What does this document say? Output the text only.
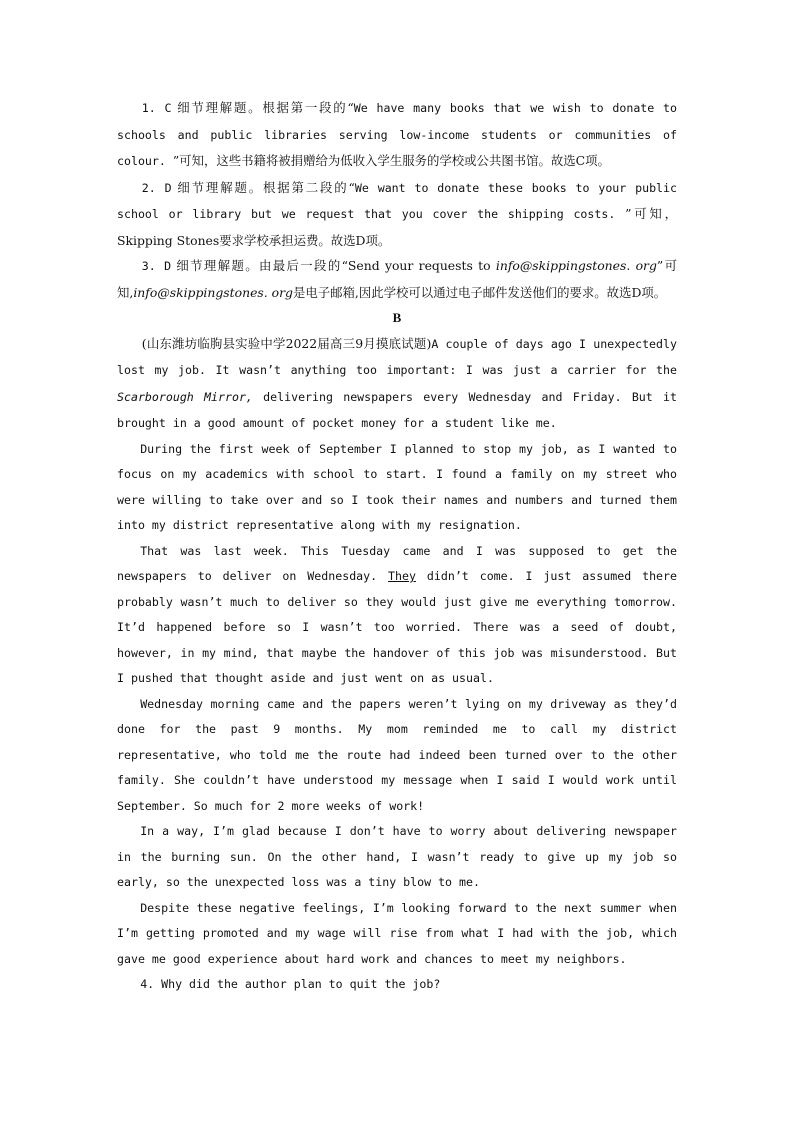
1. C 细节理解题。根据第一段的“We have many books that we wish to donate to schools and public libraries serving low-income students or communities of colour. ”可知，这些书籍将被捐赠给为低收入学生服务的学校或公共图书馆。故选C项。

2. D 细节理解题。根据第二段的“We want to donate these books to your public school or library but we request that you cover the shipping costs. ”可知，Skipping Stones要求学校承担运费。故选D项。

3. D 细节理解题。由最后一段的“Send your requests to info@skippingstones. org”可知,info@skippingstones. org是电子邮箱,因此学校可以通过电子邮件发送他们的要求。故选D项。

B

(山东潍坊临朐县实验中学2022届高三9月摸底试题)A couple of days ago I unexpectedly lost my job. It wasn’t anything too important: I was just a carrier for the Scarborough Mirror, delivering newspapers every Wednesday and Friday. But it brought in a good amount of pocket money for a student like me.

During the first week of September I planned to stop my job, as I wanted to focus on my academics with school to start. I found a family on my street who were willing to take over and so I took their names and numbers and turned them into my district representative along with my resignation.

That was last week. This Tuesday came and I was supposed to get the newspapers to deliver on Wednesday. They didn’t come. I just assumed there probably wasn’t much to deliver so they would just give me everything tomorrow. It’d happened before so I wasn’t too worried. There was a seed of doubt, however, in my mind, that maybe the handover of this job was misunderstood. But I pushed that thought aside and just went on as usual.

Wednesday morning came and the papers weren’t lying on my driveway as they’d done for the past 9 months. My mom reminded me to call my district representative, who told me the route had indeed been turned over to the other family. She couldn’t have understood my message when I said I would work until September. So much for 2 more weeks of work!

In a way, I’m glad because I don’t have to worry about delivering newspaper in the burning sun. On the other hand, I wasn’t ready to give up my job so early, so the unexpected loss was a tiny blow to me.

Despite these negative feelings, I’m looking forward to the next summer when I’m getting promoted and my wage will rise from what I had with the job, which gave me good experience about hard work and chances to meet my neighbors.

4. Why did the author plan to quit the job?
